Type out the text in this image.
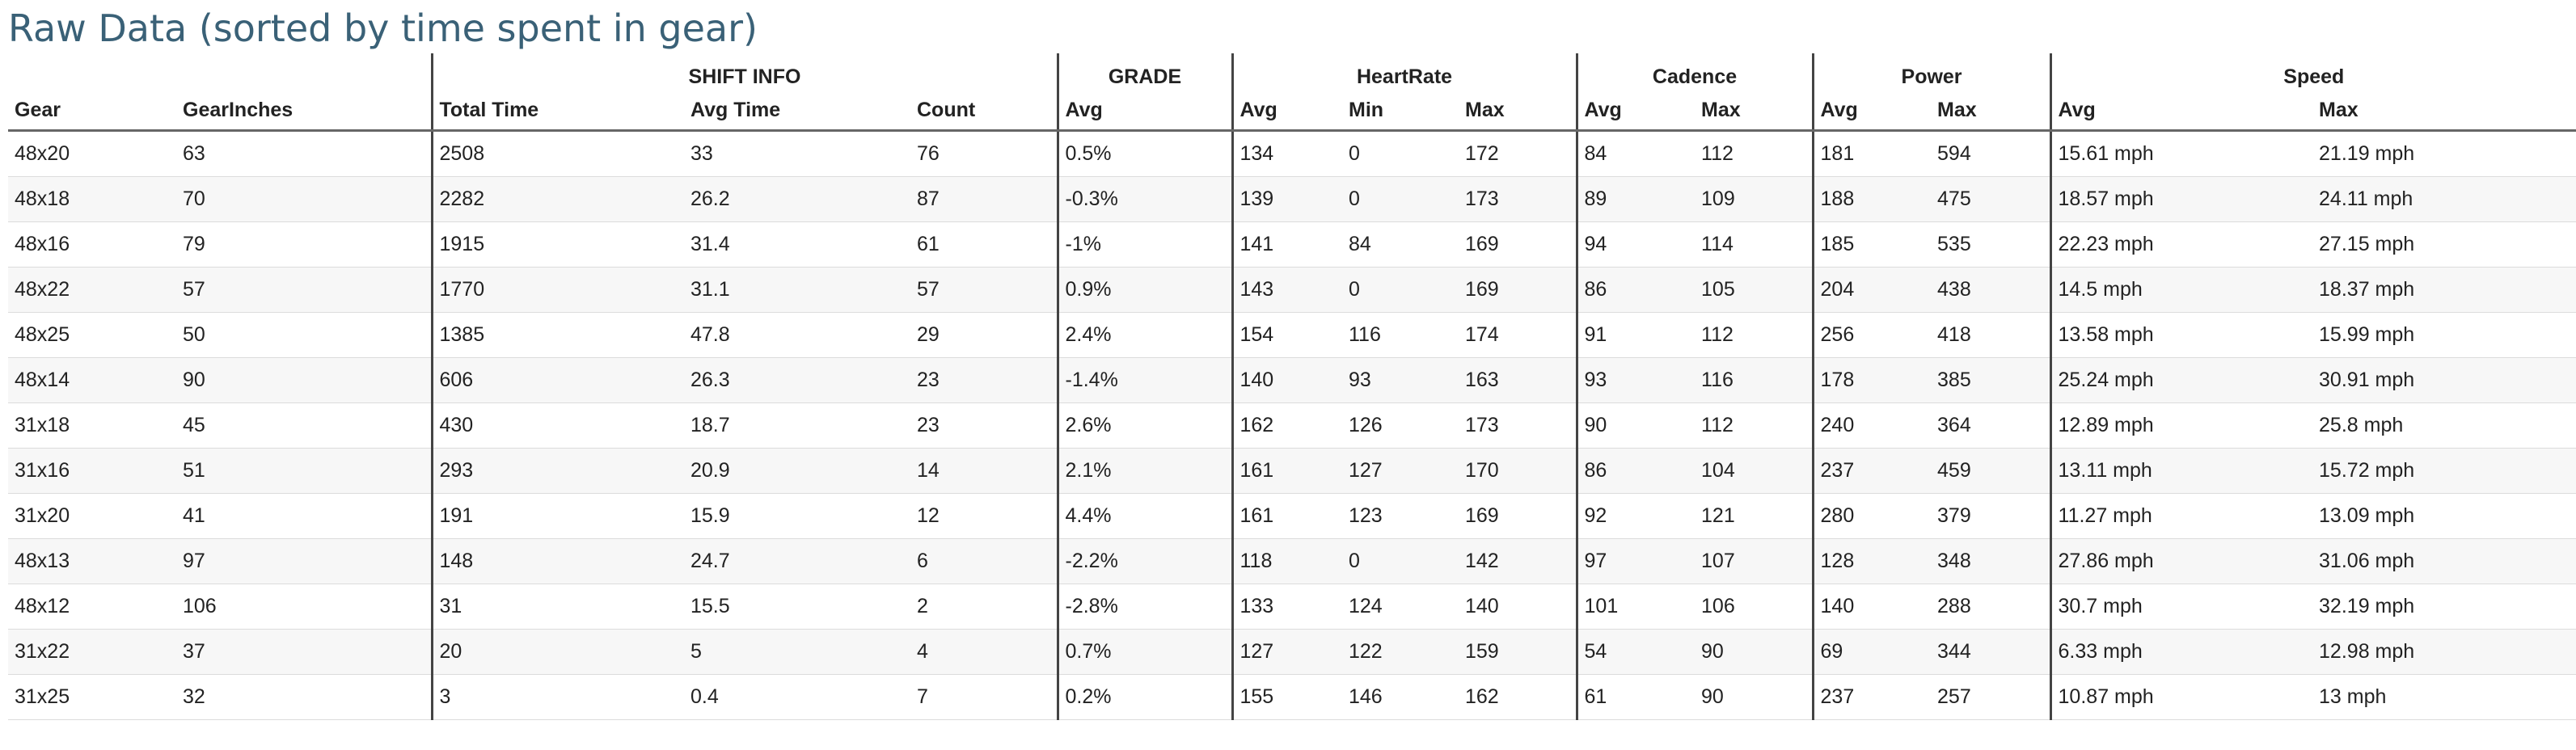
Raw Data (sorted by time spent in gear)
		SHIFT INFO			GRADE	HeartRate			Cadence		Power		Speed	
Gear	GearInches	Total Time	Avg Time	Count	Avg	Avg	Min	Max	Avg	Max	Avg	Max	Avg	Max
48x20	63	2508	33	76	0.5%	134	0	172	84	112	181	594	15.61 mph	21.19 mph
48x18	70	2282	26.2	87	-0.3%	139	0	173	89	109	188	475	18.57 mph	24.11 mph
48x16	79	1915	31.4	61	-1%	141	84	169	94	114	185	535	22.23 mph	27.15 mph
48x22	57	1770	31.1	57	0.9%	143	0	169	86	105	204	438	14.5 mph	18.37 mph
48x25	50	1385	47.8	29	2.4%	154	116	174	91	112	256	418	13.58 mph	15.99 mph
48x14	90	606	26.3	23	-1.4%	140	93	163	93	116	178	385	25.24 mph	30.91 mph
31x18	45	430	18.7	23	2.6%	162	126	173	90	112	240	364	12.89 mph	25.8 mph
31x16	51	293	20.9	14	2.1%	161	127	170	86	104	237	459	13.11 mph	15.72 mph
31x20	41	191	15.9	12	4.4%	161	123	169	92	121	280	379	11.27 mph	13.09 mph
48x13	97	148	24.7	6	-2.2%	118	0	142	97	107	128	348	27.86 mph	31.06 mph
48x12	106	31	15.5	2	-2.8%	133	124	140	101	106	140	288	30.7 mph	32.19 mph
31x22	37	20	5	4	0.7%	127	122	159	54	90	69	344	6.33 mph	12.98 mph
31x25	32	3	0.4	7	0.2%	155	146	162	61	90	237	257	10.87 mph	13 mph
